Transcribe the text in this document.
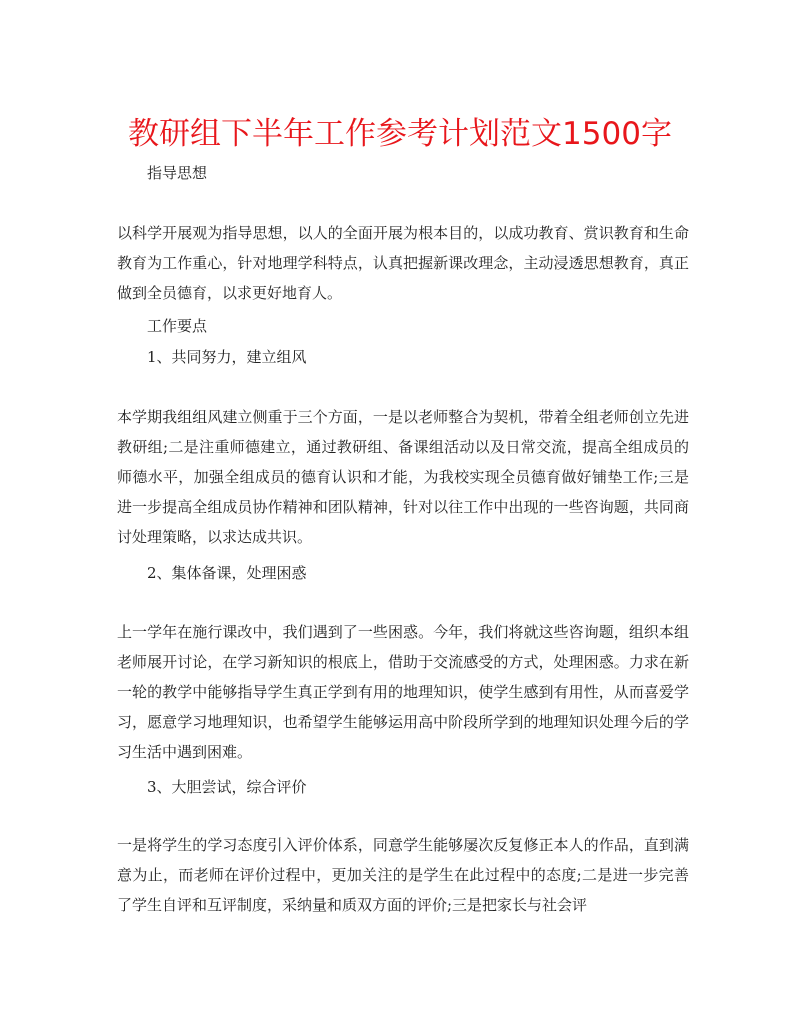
教研组下半年工作参考计划范文1500字
指导思想
以科学开展观为指导思想，以人的全面开展为根本目的，以成功教育、赏识教育和生命教育为工作重心，针对地理学科特点，认真把握新课改理念，主动浸透思想教育，真正做到全员德育，以求更好地育人。
工作要点
1、共同努力，建立组风
本学期我组组风建立侧重于三个方面，一是以老师整合为契机，带着全组老师创立先进教研组;二是注重师德建立，通过教研组、备课组活动以及日常交流，提高全组成员的师德水平，加强全组成员的德育认识和才能，为我校实现全员德育做好铺垫工作;三是进一步提高全组成员协作精神和团队精神，针对以往工作中出现的一些咨询题，共同商讨处理策略，以求达成共识。
2、集体备课，处理困惑
上一学年在施行课改中，我们遇到了一些困惑。今年，我们将就这些咨询题，组织本组老师展开讨论，在学习新知识的根底上，借助于交流感受的方式，处理困惑。力求在新一轮的教学中能够指导学生真正学到有用的地理知识，使学生感到有用性，从而喜爱学习，愿意学习地理知识，也希望学生能够运用高中阶段所学到的地理知识处理今后的学习生活中遇到困难。
3、大胆尝试，综合评价
一是将学生的学习态度引入评价体系，同意学生能够屡次反复修正本人的作品，直到满意为止，而老师在评价过程中，更加关注的是学生在此过程中的态度;二是进一步完善了学生自评和互评制度，采纳量和质双方面的评价;三是把家长与社会评
